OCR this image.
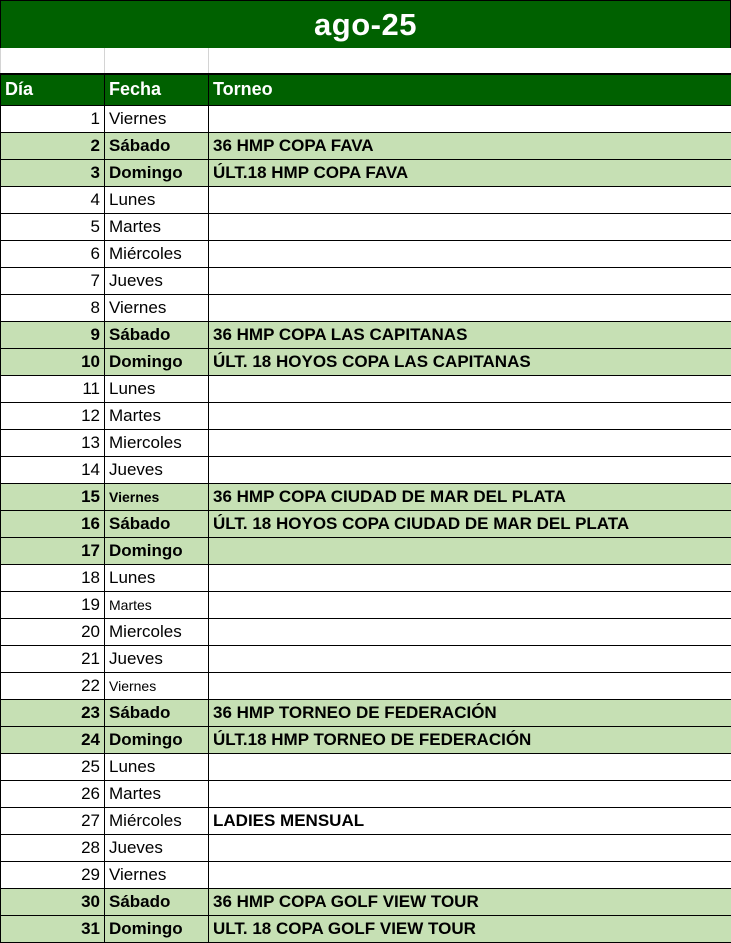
ago-25

Día	Fecha	Torneo
1	Viernes	
2	Sábado	36 HMP COPA FAVA
3	Domingo	ÚLT.18 HMP COPA FAVA
4	Lunes	
5	Martes	
6	Miércoles	
7	Jueves	
8	Viernes	
9	Sábado	36 HMP COPA LAS CAPITANAS
10	Domingo	ÚLT. 18 HOYOS COPA LAS CAPITANAS
11	Lunes	
12	Martes	
13	Miercoles	
14	Jueves	
15	Viernes	36 HMP COPA CIUDAD DE MAR DEL PLATA
16	Sábado	ÚLT. 18 HOYOS COPA CIUDAD DE MAR DEL PLATA
17	Domingo	
18	Lunes	
19	Martes	
20	Miercoles	
21	Jueves	
22	Viernes	
23	Sábado	36 HMP TORNEO DE FEDERACIÓN
24	Domingo	ÚLT.18 HMP TORNEO DE FEDERACIÓN
25	Lunes	
26	Martes	
27	Miércoles	LADIES MENSUAL
28	Jueves	
29	Viernes	
30	Sábado	36 HMP COPA GOLF VIEW TOUR
31	Domingo	ULT. 18 COPA GOLF VIEW TOUR
